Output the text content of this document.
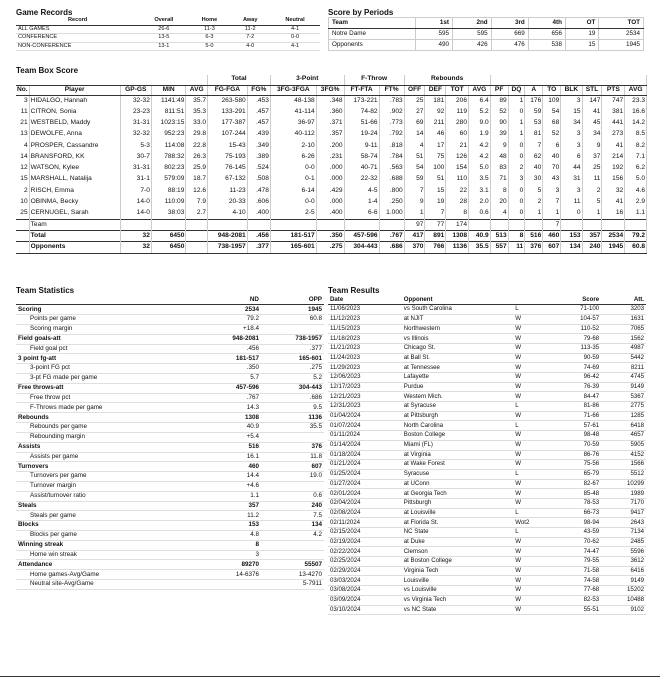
Game Records
Record	Overall	Home	Away	Neutral
ALL GAMES	26-6	11-3	11-2	4-1
CONFERENCE	13-5	6-3	7-2	0-0
NON-CONFERENCE	13-1	5-0	4-0	4-1
Score by Periods
Team	1st	2nd	3rd	4th	OT	TOT
Notre Dame	595	595	669	656	19	2534
Opponents	490	426	476	538	15	1945
Team Box Score
					Total		3-Point		F-Throw		Rebounds											
No.	Player	GP-GS	MIN	AVG	FG-FGA	FG%	3FG-3FGA	3FG%	FT-FTA	FT%	OFF	DEF	TOT	AVG	PF	DQ	A	TO	BLK	STL	PTS	AVG
3	HIDALGO, Hannah	32-32	1141:49	35.7	263-580	.453	48-138	.348	173-221	.783	25	181	206	6.4	89	1	176	109	3	147	747	23.3
11	CITRON, Sonia	23-23	811:51	35.3	133-291	.457	41-114	.360	74-82	.902	27	92	119	5.2	52	0	59	54	15	41	381	16.6
21	WESTBELD, Maddy	31-31	1023:15	33.0	177-387	.457	36-97	.371	51-66	.773	69	211	280	9.0	90	1	53	68	34	45	441	14.2
13	DEWOLFE, Anna	32-32	952:23	29.8	107-244	.439	40-112	.357	19-24	.792	14	46	60	1.9	39	1	81	52	3	34	273	8.5
4	PROSPER, Cassandre	5-3	114:08	22.8	15-43	.349	2-10	.200	9-11	.818	4	17	21	4.2	9	0	7	6	3	9	41	8.2
14	BRANSFORD, KK	30-7	788:32	26.3	75-193	.389	6-26	.231	58-74	.784	51	75	126	4.2	48	0	62	40	6	37	214	7.1
12	WATSON, Kylee	31-31	802:23	25.9	76-145	.524	0-0	.000	40-71	.563	54	100	154	5.0	83	2	40	70	44	25	192	6.2
15	MARSHALL, Natalija	31-1	579:09	18.7	67-132	.508	0-1	.000	22-32	.688	59	51	110	3.5	71	3	30	43	31	11	156	5.0
2	RISCH, Emma	7-0	88:19	12.6	11-23	.478	6-14	.429	4-5	.800	7	15	22	3.1	8	0	5	3	3	2	32	4.6
10	OBINMA, Becky	14-0	110:09	7.9	20-33	.606	0-0	.000	1-4	.250	9	19	28	2.0	20	0	2	7	11	5	41	2.9
25	CERNUGEL, Sarah	14-0	38:03	2.7	4-10	.400	2-5	.400	6-6	1.000	1	7	8	0.6	4	0	1	1	0	1	16	1.1
	Team										97	77	174					7				
	Total	32	6450		948-2081	.456	181-517	.350	457-596	.767	417	891	1308	40.9	513	8	516	460	153	357	2534	79.2
	Opponents	32	6450		738-1957	.377	165-601	.275	304-443	.686	370	766	1136	35.5	557	11	376	607	134	240	1945	60.8
Team Statistics
	ND	OPP
Scoring	2534	1945
Points per game	79.2	60.8
Scoring margin	+18.4	
Field goals-att	948-2081	738-1957
Field goal pct	.456	.377
3 point fg-att	181-517	165-601
3-point FG pct	.350	.275
3-pt FG made per game	5.7	5.2
Free throws-att	457-596	304-443
Free throw pct	.767	.686
F-Throws made per game	14.3	9.5
Rebounds	1308	1136
Rebounds per game	40.9	35.5
Rebounding margin	+5.4	
Assists	516	376
Assists per game	16.1	11.8
Turnovers	460	607
Turnovers per game	14.4	19.0
Turnover margin	+4.6	
Assist/turnover ratio	1.1	0.6
Steals	357	240
Steals per game	11.2	7.5
Blocks	153	134
Blocks per game	4.8	4.2
Winning streak	8	
Home win streak	3	
Attendance	89270	55507
Home games-Avg/Game	14-6376	13-4270
Neutral site-Avg/Game		5-7911
Team Results
Date	Opponent		Score	Att.
11/06/2023	vs South Carolina	L	71-100	3203
11/12/2023	at NJIT	W	104-57	1631
11/15/2023	Northwestern	W	110-52	7065
11/18/2023	vs Illinois	W	79-68	1562
11/21/2023	Chicago St.	W	113-35	4987
11/24/2023	at Ball St.	W	90-59	5442
11/29/2023	at Tennessee	W	74-69	8211
12/06/2023	Lafayette	W	96-42	4745
12/17/2023	Purdue	W	76-39	9149
12/21/2023	Western Mich.	W	84-47	5367
12/31/2023	at Syracuse	L	81-86	2775
01/04/2024	at Pittsburgh	W	71-66	1285
01/07/2024	North Carolina	L	57-61	6418
01/11/2024	Boston College	W	98-48	4657
01/14/2024	Miami (FL)	W	70-59	5905
01/18/2024	at Virginia	W	86-76	4152
01/21/2024	at Wake Forest	W	75-56	1566
01/25/2024	Syracuse	L	65-79	5512
01/27/2024	at UConn	W	82-67	10299
02/01/2024	at Georgia Tech	W	85-48	1989
02/04/2024	Pittsburgh	W	78-53	7170
02/08/2024	at Louisville	L	66-73	9417
02/11/2024	at Florida St.	Wot2	98-94	2643
02/15/2024	NC State	L	43-59	7134
02/19/2024	at Duke	W	70-62	2485
02/22/2024	Clemson	W	74-47	5596
02/25/2024	at Boston College	W	79-55	3612
02/29/2024	Virginia Tech	W	71-58	6416
03/03/2024	Louisville	W	74-58	9149
03/08/2024	vs Louisville	W	77-68	15202
03/09/2024	vs Virginia Tech	W	82-53	10488
03/10/2024	vs NC State	W	55-51	9102
